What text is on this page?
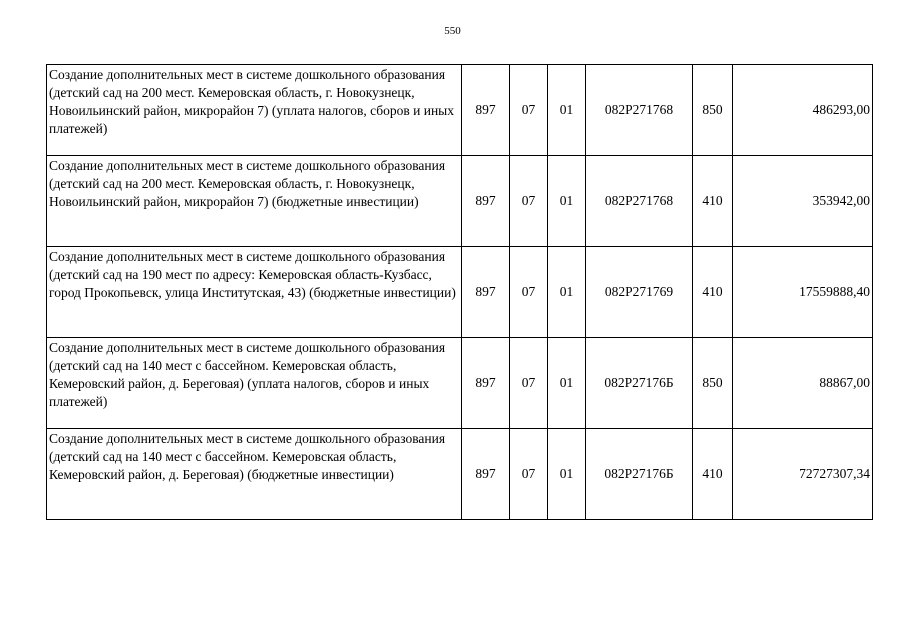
550
Создание дополнительных мест в системе дошкольного образования (детский сад на 200 мест. Кемеровская область, г. Новокузнецк, Новоильинский район, микрорайон 7) (уплата налогов, сборов и иных платежей)	897	07	01	082P271768	850	486293,00
Создание дополнительных мест в системе дошкольного образования (детский сад на 200 мест. Кемеровская область, г. Новокузнецк, Новоильинский район, микрорайон 7) (бюджетные инвестиции)	897	07	01	082P271768	410	353942,00
Создание дополнительных мест в системе дошкольного образования (детский сад на 190 мест по адресу: Кемеровская область-Кузбасс, город Прокопьевск, улица Институтская, 43) (бюджетные инвестиции)	897	07	01	082P271769	410	17559888,40
Создание дополнительных мест в системе дошкольного образования (детский сад на 140 мест с бассейном. Кемеровская область, Кемеровский район, д. Береговая) (уплата налогов, сборов и иных платежей)	897	07	01	082P27176Б	850	88867,00
Создание дополнительных мест в системе дошкольного образования (детский сад на 140 мест с бассейном. Кемеровская область, Кемеровский район, д. Береговая) (бюджетные инвестиции)	897	07	01	082P27176Б	410	72727307,34
